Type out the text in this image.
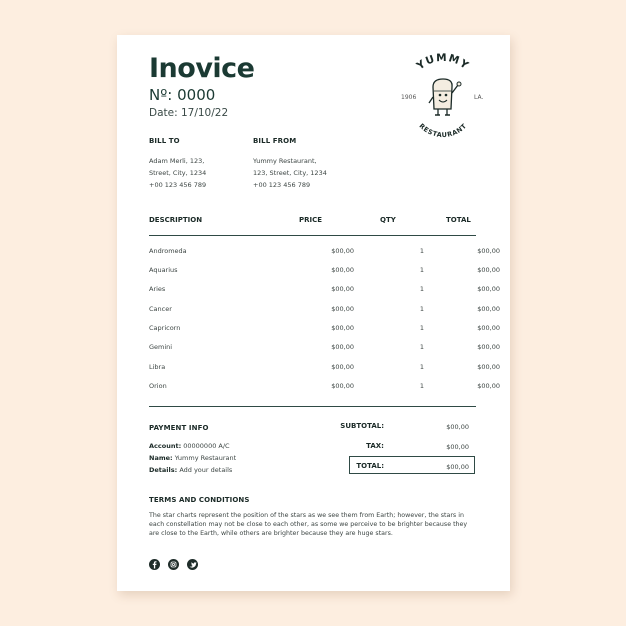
Inovice
Nº: 0000
Date: 17/10/22
YUMMY
RESTAURANT
1906	LA.
BILL TO
Adam Merli, 123,
Street, City, 1234
+00 123 456 789
BILL FROM
Yummy Restaurant,
123, Street, City, 1234
+00 123 456 789
DESCRIPTION	PRICE	QTY	TOTAL
Andromeda	$00,00	1	$00,00
Aquarius	$00,00	1	$00,00
Aries	$00,00	1	$00,00
Cancer	$00,00	1	$00,00
Capricorn	$00,00	1	$00,00
Gemini	$00,00	1	$00,00
Libra	$00,00	1	$00,00
Orion	$00,00	1	$00,00
PAYMENT INFO
Account: 00000000 A/C
Name: Yummy Restaurant
Details: Add your details
SUBTOTAL:	$00,00
TAX:	$00,00
TOTAL:	$00,00
TERMS AND CONDITIONS
The star charts represent the position of the stars as we see them from Earth; however, the stars in each constellation may not be close to each other, as some we perceive to be brighter because they are close to the Earth, while others are brighter because they are huge stars.
